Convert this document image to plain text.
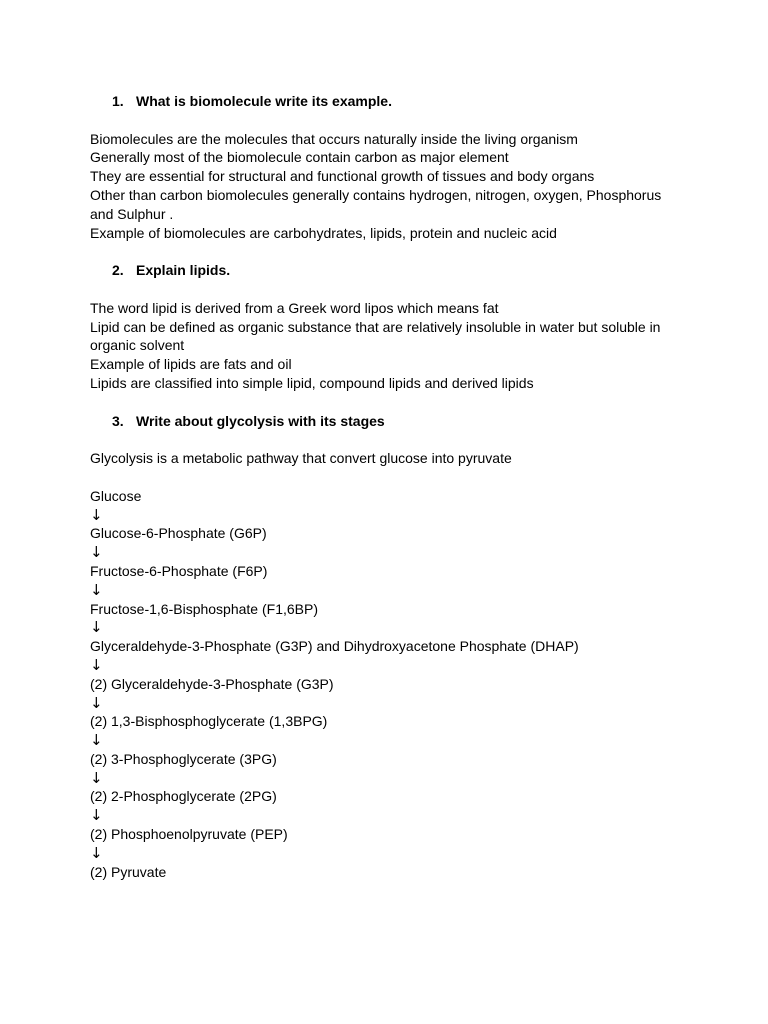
1. What is biomolecule write its example.

Biomolecules are the molecules that occurs naturally inside the living organism

Generally most of the biomolecule contain carbon as major element

They are essential for structural and functional growth of tissues and body organs

Other than carbon biomolecules generally contains hydrogen, nitrogen, oxygen, Phosphorus

and Sulphur .

Example of biomolecules are carbohydrates, lipids, protein and nucleic acid

2. Explain lipids.

The word lipid is derived from a Greek word lipos which means fat

Lipid can be defined as organic substance that are relatively insoluble in water but soluble in

organic solvent

Example of lipids are fats and oil

Lipids are classified into simple lipid, compound lipids and derived lipids

3. Write about glycolysis with its stages

Glycolysis is a metabolic pathway that convert glucose into pyruvate

Glucose

↓

Glucose-6-Phosphate (G6P)

↓

Fructose-6-Phosphate (F6P)

↓

Fructose-1,6-Bisphosphate (F1,6BP)

↓

Glyceraldehyde-3-Phosphate (G3P) and Dihydroxyacetone Phosphate (DHAP)

↓

(2) Glyceraldehyde-3-Phosphate (G3P)

↓

(2) 1,3-Bisphosphoglycerate (1,3BPG)

↓

(2) 3-Phosphoglycerate (3PG)

↓

(2) 2-Phosphoglycerate (2PG)

↓

(2) Phosphoenolpyruvate (PEP)

↓

(2) Pyruvate
